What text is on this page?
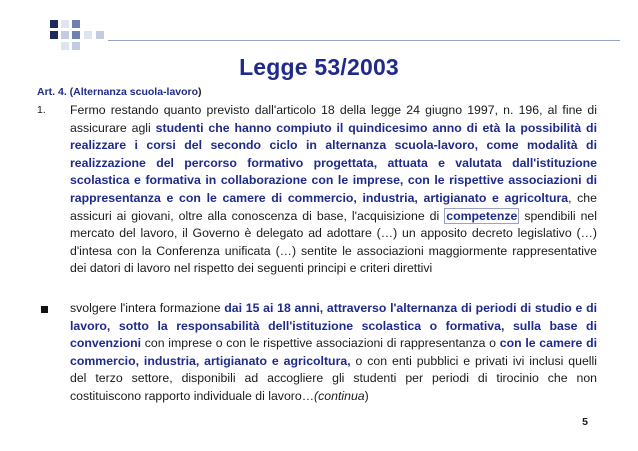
Legge 53/2003
Art. 4. (Alternanza scuola-lavoro)
1. Fermo restando quanto previsto dall'articolo 18 della legge 24 giugno 1997, n. 196, al fine di assicurare agli studenti che hanno compiuto il quindicesimo anno di età la possibilità di realizzare i corsi del secondo ciclo in alternanza scuola-lavoro, come modalità di realizzazione del percorso formativo progettata, attuata e valutata dall'istituzione scolastica e formativa in collaborazione con le imprese, con le rispettive associazioni di rappresentanza e con le camere di commercio, industria, artigianato e agricoltura, che assicuri ai giovani, oltre alla conoscenza di base, l'acquisizione di competenze spendibili nel mercato del lavoro, il Governo è delegato ad adottare (…) un apposito decreto legislativo (…) d'intesa con la Conferenza unificata (…) sentite le associazioni maggiormente rappresentative dei datori di lavoro nel rispetto dei seguenti principi e criteri direttivi
svolgere l'intera formazione dai 15 ai 18 anni, attraverso l'alternanza di periodi di studio e di lavoro, sotto la responsabilità dell'istituzione scolastica o formativa, sulla base di convenzioni con imprese o con le rispettive associazioni di rappresentanza o con le camere di commercio, industria, artigianato e agricoltura, o con enti pubblici e privati ivi inclusi quelli del terzo settore, disponibili ad accogliere gli studenti per periodi di tirocinio che non costituiscono rapporto individuale di lavoro…(continua)
5
